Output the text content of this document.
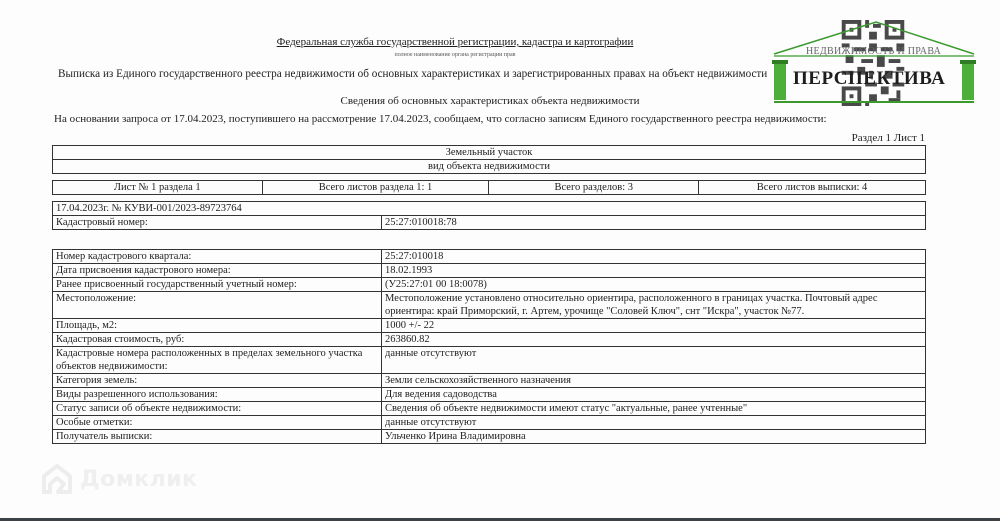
Федеральная служба государственной регистрации, кадастра и картографии
полное наименование органа регистрации прав
Выписка из Единого государственного реестра недвижимости об основных характеристиках и зарегистрированных правах на объект недвижимости
Сведения об основных характеристиках объекта недвижимости
На основании запроса от 17.04.2023, поступившего на рассмотрение 17.04.2023, сообщаем, что согласно записям Единого государственного реестра недвижимости:
Раздел 1 Лист 1
Земельный участок
вид объекта недвижимости
Лист № 1 раздела 1	Всего листов раздела 1: 1	Всего разделов: 3	Всего листов выписки: 4
17.04.2023г. № КУВИ-001/2023-89723764
Кадастровый номер:	25:27:010018:78
Номер кадастрового квартала:	25:27:010018
Дата присвоения кадастрового номера:	18.02.1993
Ранее присвоенный государственный учетный номер:	(У25:27:01 00 18:0078)
Местоположение:	Местоположение установлено относительно ориентира, расположенного в границах участка. Почтовый адрес ориентира: край Приморский, г. Артем, урочище "Соловей Ключ", снт "Искра", участок №77.
Площадь, м2:	1000 +/- 22
Кадастровая стоимость, руб:	263860.82
Кадастровые номера расположенных в пределах земельного участка объектов недвижимости:	данные отсутствуют
Категория земель:	Земли сельскохозяйственного назначения
Виды разрешенного использования:	Для ведения садоводства
Статус записи об объекте недвижимости:	Сведения об объекте недвижимости имеют статус "актуальные, ранее учтенные"
Особые отметки:	данные отсутствуют
Получатель выписки:	Ульченко Ирина Владимировна
НЕДВИЖИМОСТЬ И ПРАВА
ПЕРСПЕКТИВА
Домклик
